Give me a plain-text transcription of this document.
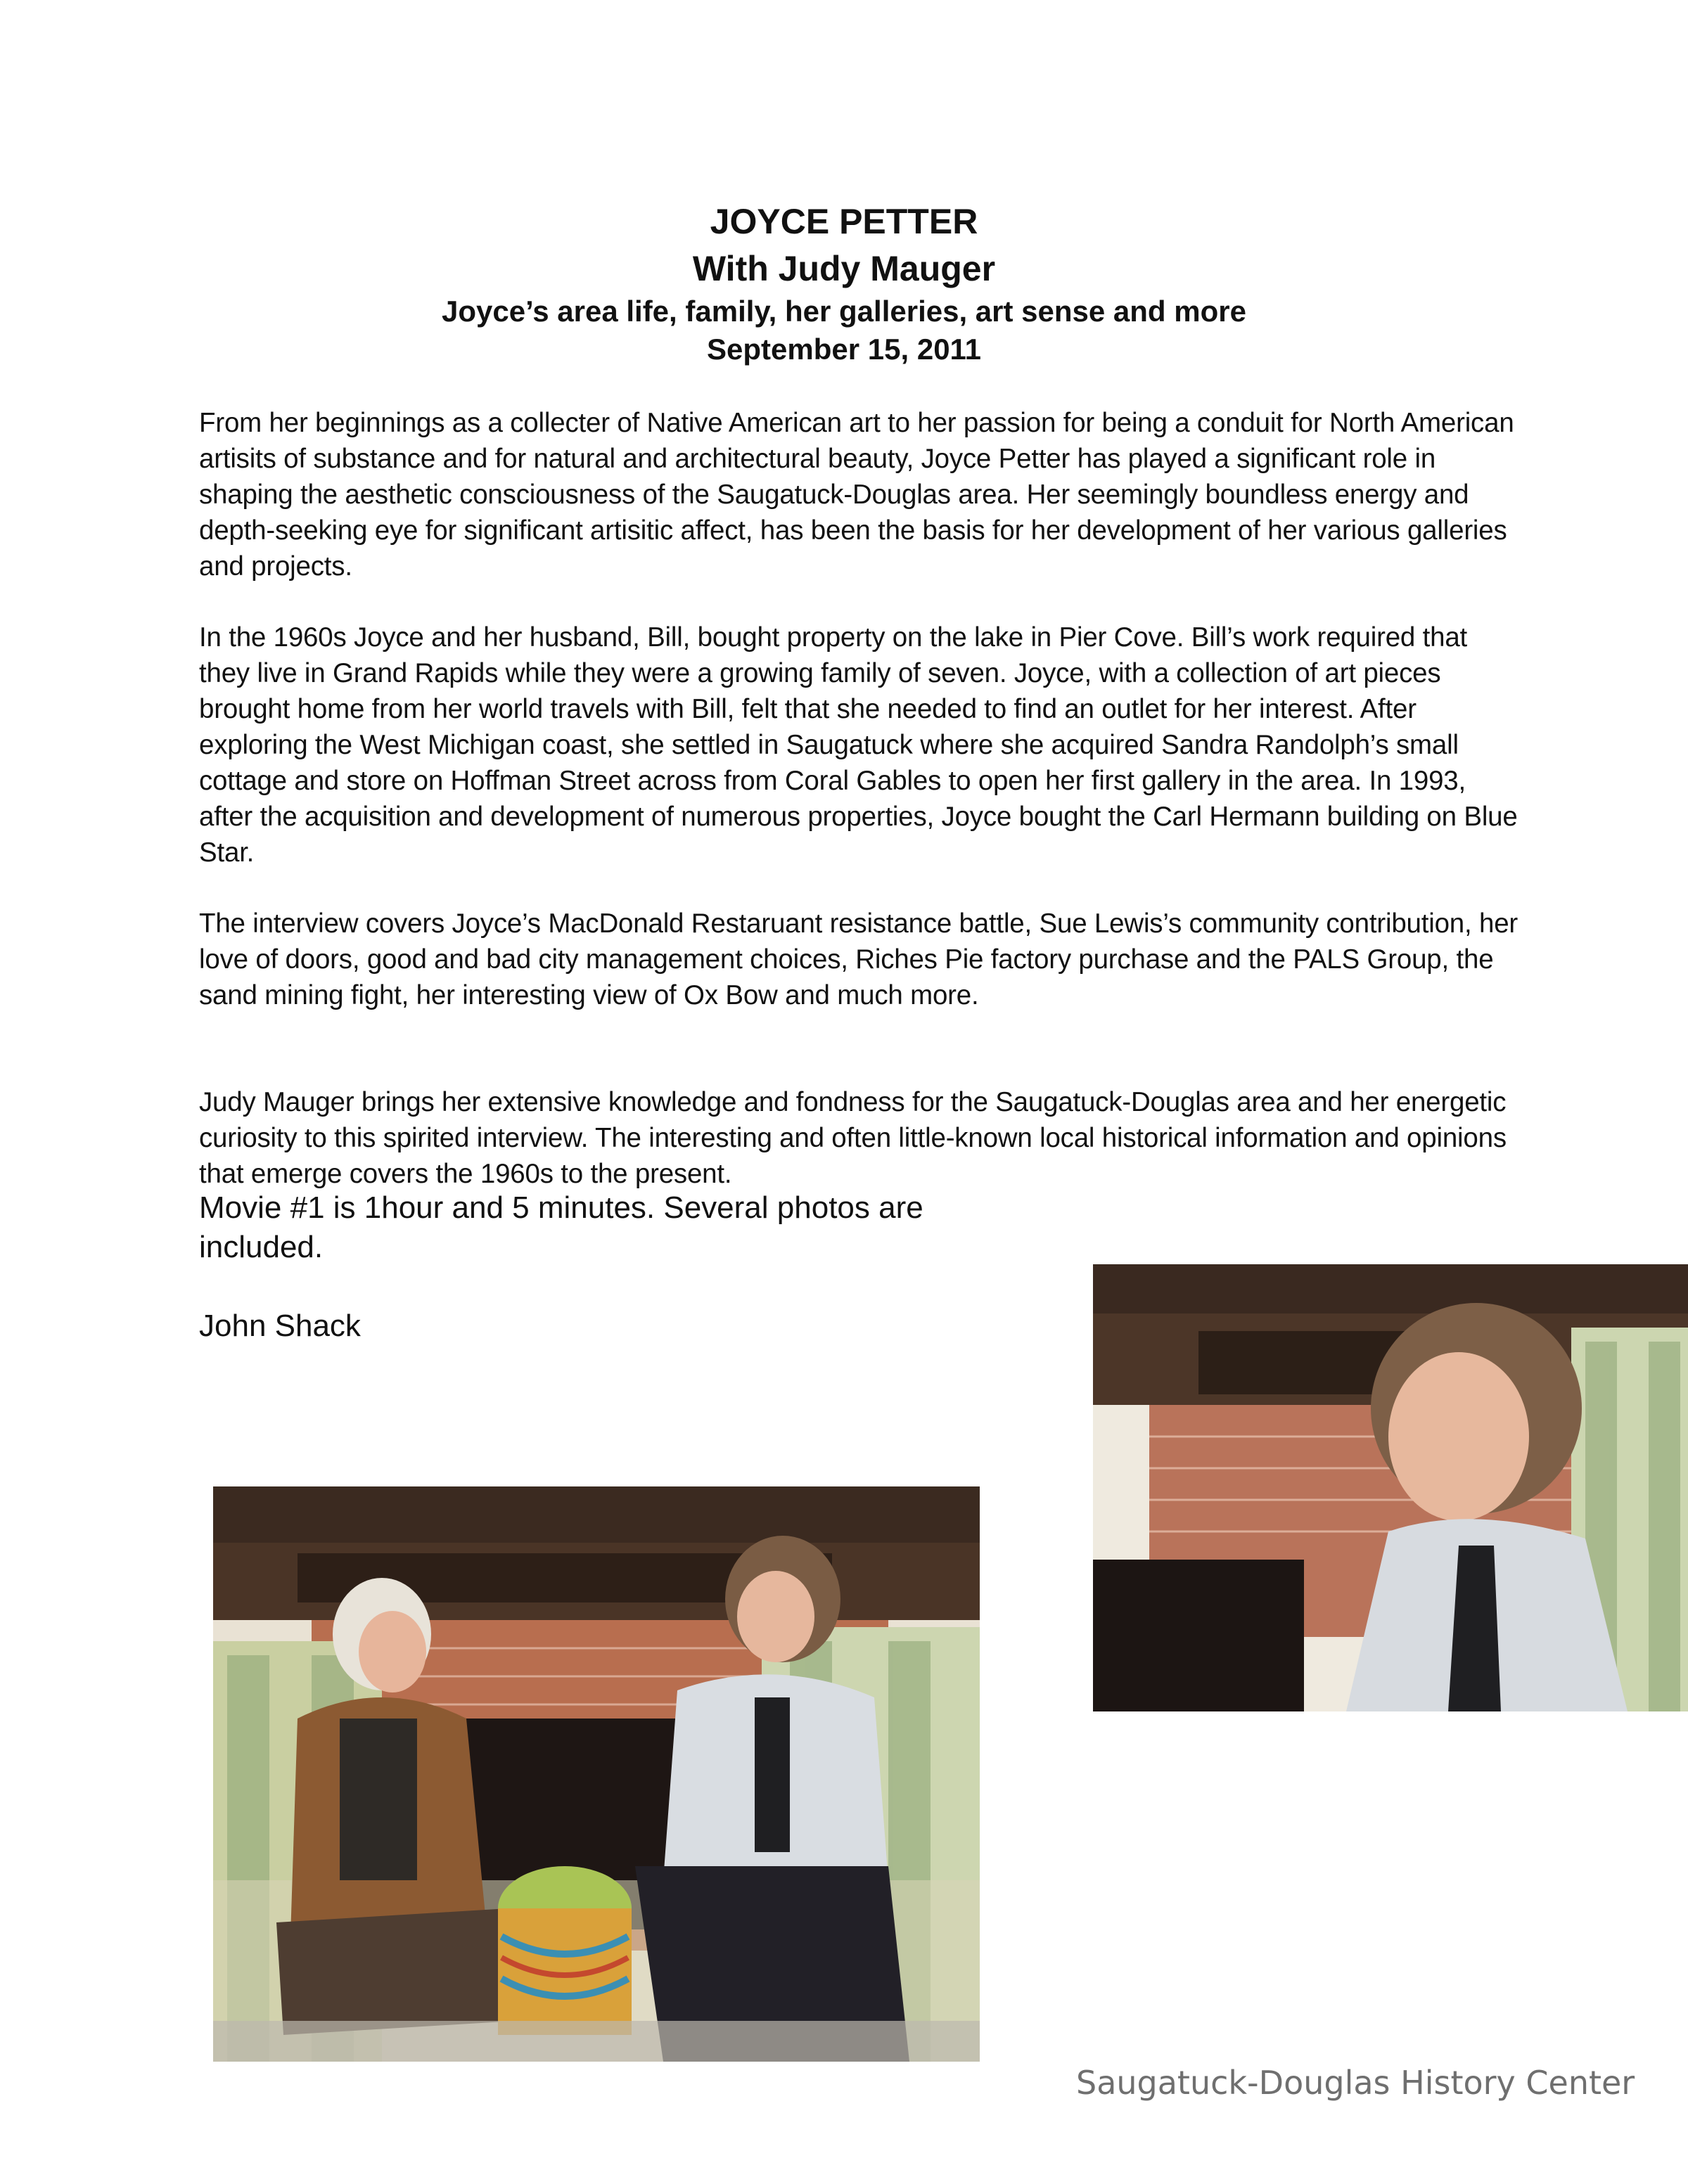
JOYCE PETTER
With Judy Mauger
Joyce’s area life, family, her galleries, art sense and more
September 15, 2011

From her beginnings as a collecter of Native American art to her passion for being a conduit for North American artisits of substance and for natural and architectural beauty, Joyce Petter has played a significant role in shaping the aesthetic consciousness of the Saugatuck-Douglas area. Her seemingly boundless energy and depth-seeking eye for significant artisitic affect, has been the basis for her development of her various galleries and projects.

In the 1960s Joyce and her husband, Bill, bought property on the lake in Pier Cove. Bill’s work required that they live in Grand Rapids while they were a growing family of seven. Joyce, with a collection of art pieces brought home from her world travels with Bill, felt that she needed to find an outlet for her interest. After exploring the West Michigan coast, she settled in Saugatuck where she acquired Sandra Randolph’s small cottage and store on Hoffman Street across from Coral Gables to open her first gallery in the area. In 1993, after the acquisition and development of numerous properties, Joyce bought the Carl Hermann building on Blue Star.

The interview covers Joyce’s MacDonald Restaruant resistance battle, Sue Lewis’s community contribution, her love of doors, good and bad city management choices, Riches Pie factory purchase and the PALS Group, the sand mining fight, her interesting view of Ox Bow and much more.

Judy Mauger brings her extensive knowledge and fondness for the Saugatuck-Douglas area and her energetic curiosity to this spirited interview. The interesting and often little-known local historical information and opinions that emerge covers the 1960s to the present.

Movie #1 is 1hour and 5 minutes. Several photos are included.
John Shack
Saugatuck-Douglas History Center
